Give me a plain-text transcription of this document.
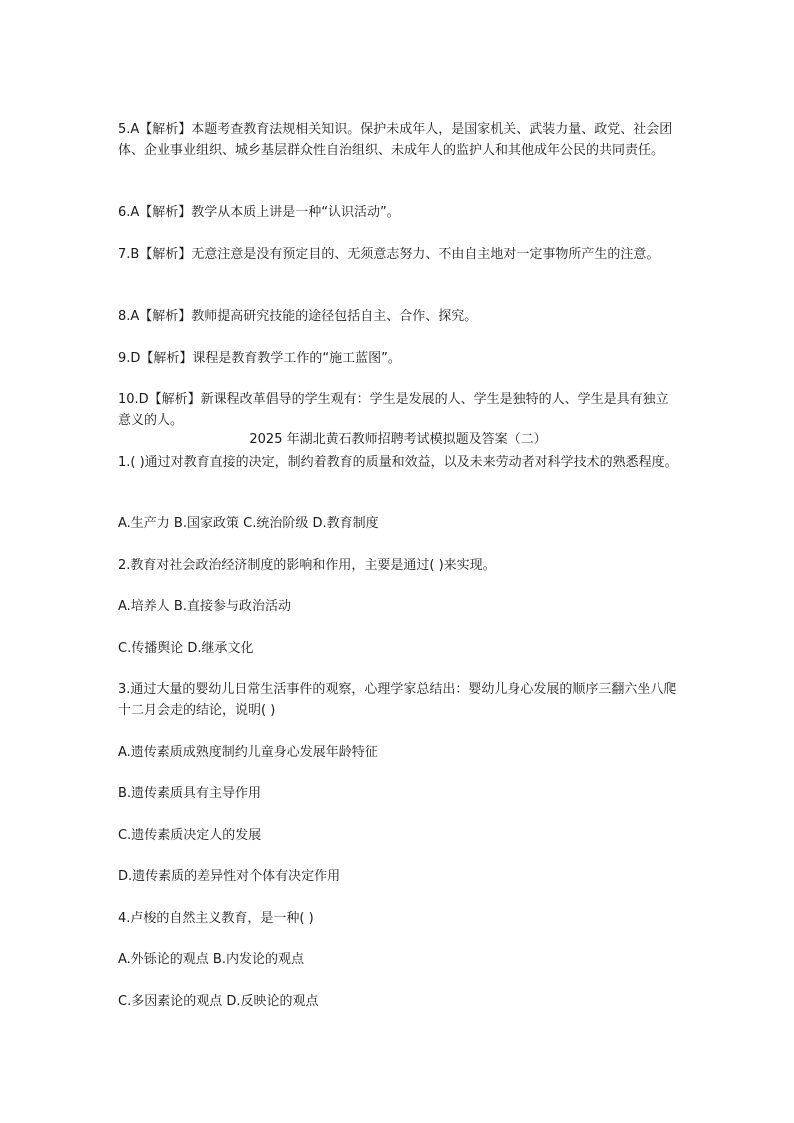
5.A【解析】本题考查教育法规相关知识。保护未成年人，是国家机关、武装力量、政党、社会团体、企业事业组织、城乡基层群众性自治组织、未成年人的监护人和其他成年公民的共同责任。

6.A【解析】教学从本质上讲是一种“认识活动”。

7.B【解析】无意注意是没有预定目的、无须意志努力、不由自主地对一定事物所产生的注意。

8.A【解析】教师提高研究技能的途径包括自主、合作、探究。

9.D【解析】课程是教育教学工作的“施工蓝图”。

10.D【解析】新课程改革倡导的学生观有：学生是发展的人、学生是独特的人、学生是具有独立意义的人。

2025 年湖北黄石教师招聘考试模拟题及答案（二）

1.( )通过对教育直接的决定，制约着教育的质量和效益，以及未来劳动者对科学技术的熟悉程度。

A.生产力 B.国家政策 C.统治阶级 D.教育制度

2.教育对社会政治经济制度的影响和作用，主要是通过( )来实现。

A.培养人 B.直接参与政治活动

C.传播舆论 D.继承文化

3.通过大量的婴幼儿日常生活事件的观察，心理学家总结出：婴幼儿身心发展的顺序三翻六坐八爬十二月会走的结论，说明( )

A.遗传素质成熟度制约儿童身心发展年龄特征

B.遗传素质具有主导作用

C.遗传素质决定人的发展

D.遗传素质的差异性对个体有决定作用

4.卢梭的自然主义教育，是一种( )

A.外铄论的观点 B.内发论的观点

C.多因素论的观点 D.反映论的观点
